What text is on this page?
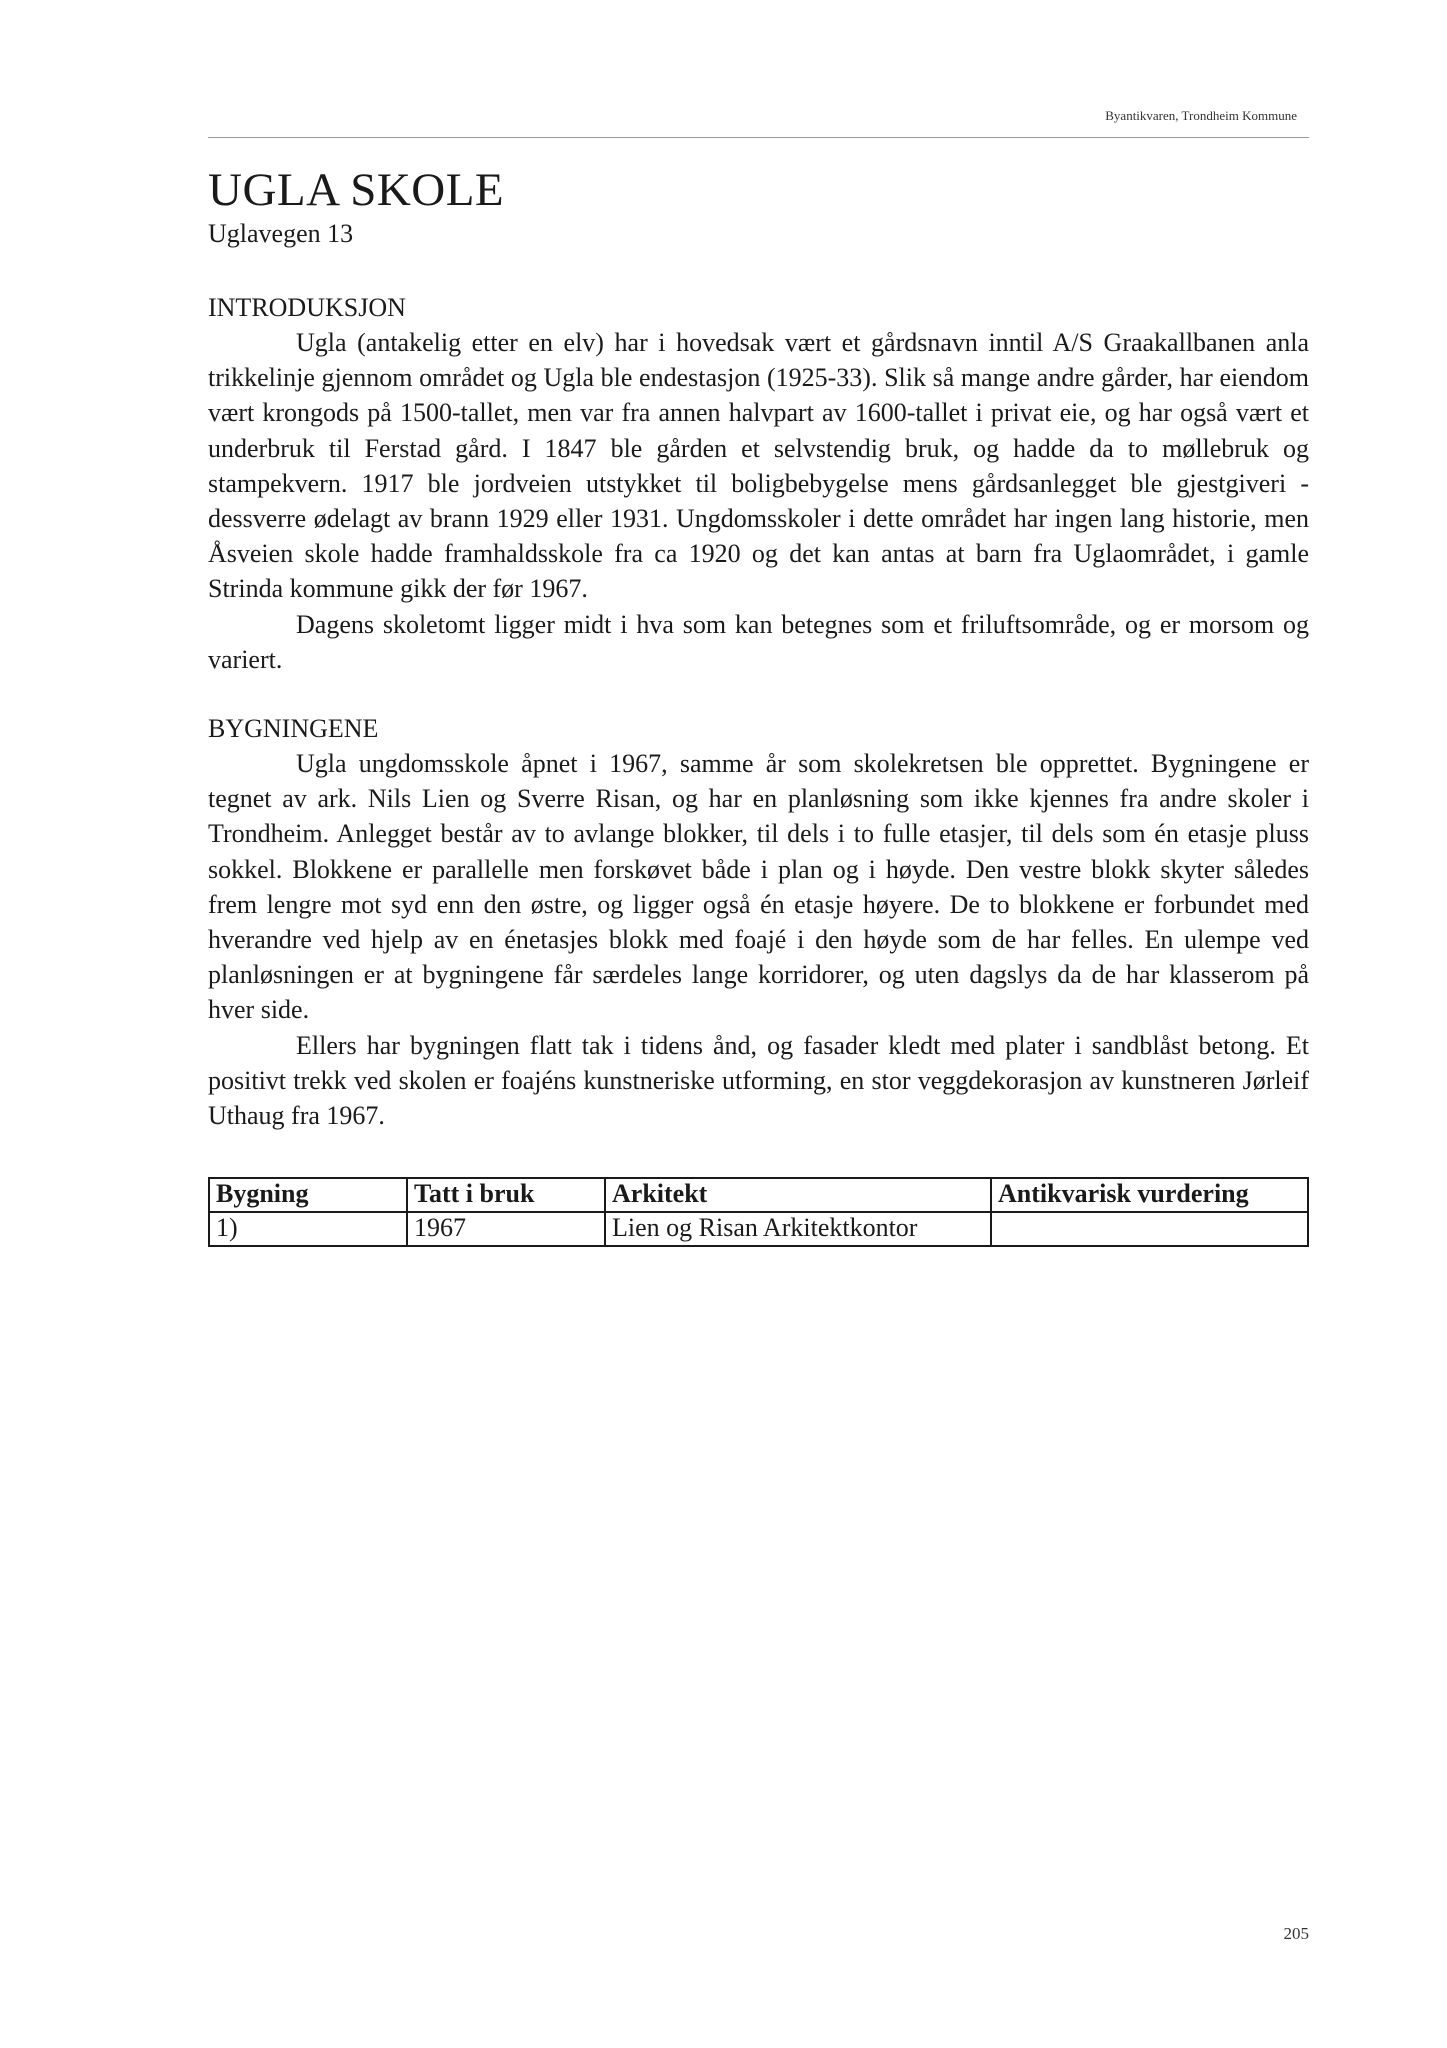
Byantikvaren, Trondheim Kommune
UGLA SKOLE

Uglavegen 13

INTRODUKSJON

Ugla (antakelig etter en elv) har i hovedsak vært et gårdsnavn inntil A/S Graakallbanen anla trikkelinje gjennom området og Ugla ble endestasjon (1925-33). Slik så mange andre gårder, har eiendom vært krongods på 1500-tallet, men var fra annen halvpart av 1600-tallet i privat eie, og har også vært et underbruk til Ferstad gård. I 1847 ble gården et selvstendig bruk, og hadde da to møllebruk og stampekvern. 1917 ble jordveien utstykket til boligbebygelse mens gårdsanlegget ble gjestgiveri - dessverre ødelagt av brann 1929 eller 1931. Ungdomsskoler i dette området har ingen lang historie, men Åsveien skole hadde framhaldsskole fra ca 1920 og det kan antas at barn fra Uglaområdet, i gamle Strinda kommune gikk der før 1967.

Dagens skoletomt ligger midt i hva som kan betegnes som et friluftsområde, og er morsom og variert.

BYGNINGENE

Ugla ungdomsskole åpnet i 1967, samme år som skolekretsen ble opprettet. Bygningene er tegnet av ark. Nils Lien og Sverre Risan, og har en planløsning som ikke kjennes fra andre skoler i Trondheim. Anlegget består av to avlange blokker, til dels i to fulle etasjer, til dels som én etasje pluss sokkel. Blokkene er parallelle men forskøvet både i plan og i høyde. Den vestre blokk skyter således frem lengre mot syd enn den østre, og ligger også én etasje høyere. De to blokkene er forbundet med hverandre ved hjelp av en énetasjes blokk med foajé i den høyde som de har felles. En ulempe ved planløsningen er at bygningene får særdeles lange korridorer, og uten dagslys da de har klasserom på hver side.

Ellers har bygningen flatt tak i tidens ånd, og fasader kledt med plater i sandblåst betong. Et positivt trekk ved skolen er foajéns kunstneriske utforming, en stor veggdekorasjon av kunstneren Jørleif Uthaug fra 1967.

Bygning	Tatt i bruk	Arkitekt	Antikvarisk vurdering
1)	1967	Lien og Risan Arkitektkontor	
205
